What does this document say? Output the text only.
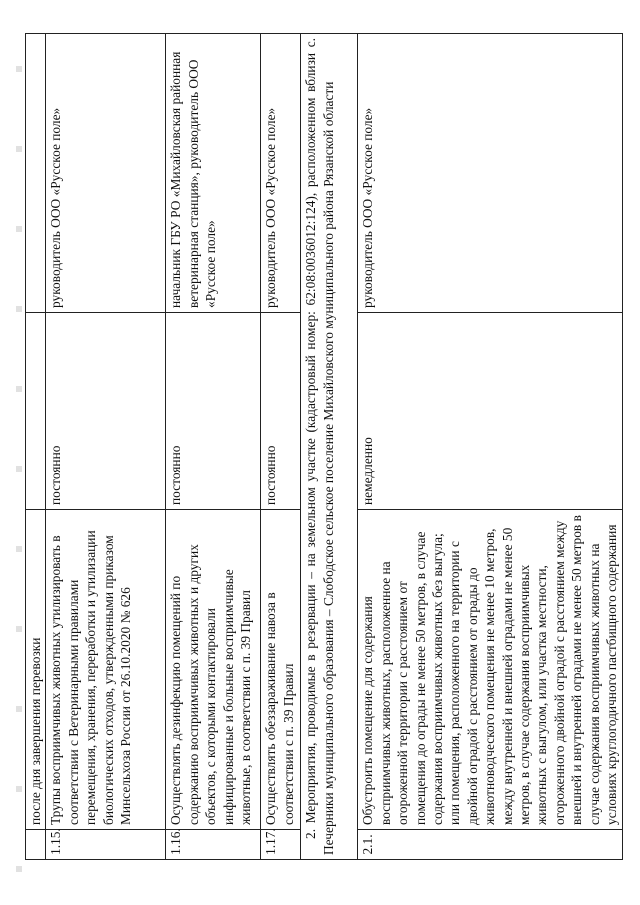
	после дня завершения перевозки		
1.15.	Трупы восприимчивых животных утилизировать в соответствии с Ветеринарными правилами перемещения, хранения, переработки и утилизации биологических отходов, утвержденными приказом Минсельхоза России от 26.10.2020 № 626	постоянно	руководитель ООО «Русское поле»
1.16.	Осуществлять дезинфекцию помещений по содержанию восприимчивых животных и других объектов, с которыми контактировали инфицированные и больные восприимчивые животные, в соответствии с п. 39 Правил	постоянно	начальник ГБУ РО «Михайловская районная ветеринарная станция», руководитель ООО «Русское поле»
1.17.	Осуществлять обеззараживание навоза в соответствии с п. 39 Правил	постоянно	руководитель ООО «Русское поле»

2. Мероприятия, проводимые в резервации – на земельном участке (кадастровый номер: 62:08:0036012:124), расположенном вблизи с. Печерники муниципального образования – Слободское сельское поселение Михайловского муниципального района Рязанской области			

2.1.	Обустроить помещение для содержания восприимчивых животных, расположенное на огороженной территории с расстоянием от помещения до ограды не менее 50 метров, в случае содержания восприимчивых животных без выгула; или помещения, расположенного на территории с двойной оградой с расстоянием от ограды до животноводческого помещения не менее 10 метров, между внутренней и внешней оградами не менее 50 метров, в случае содержания восприимчивых животных с выгулом, или участка местности, огороженного двойной оградой с расстоянием между внешней и внутренней оградами не менее 50 метров в случае содержания восприимчивых животных на условиях круглогодичного пастбищного содержания	немедленно	руководитель ООО «Русское поле»
